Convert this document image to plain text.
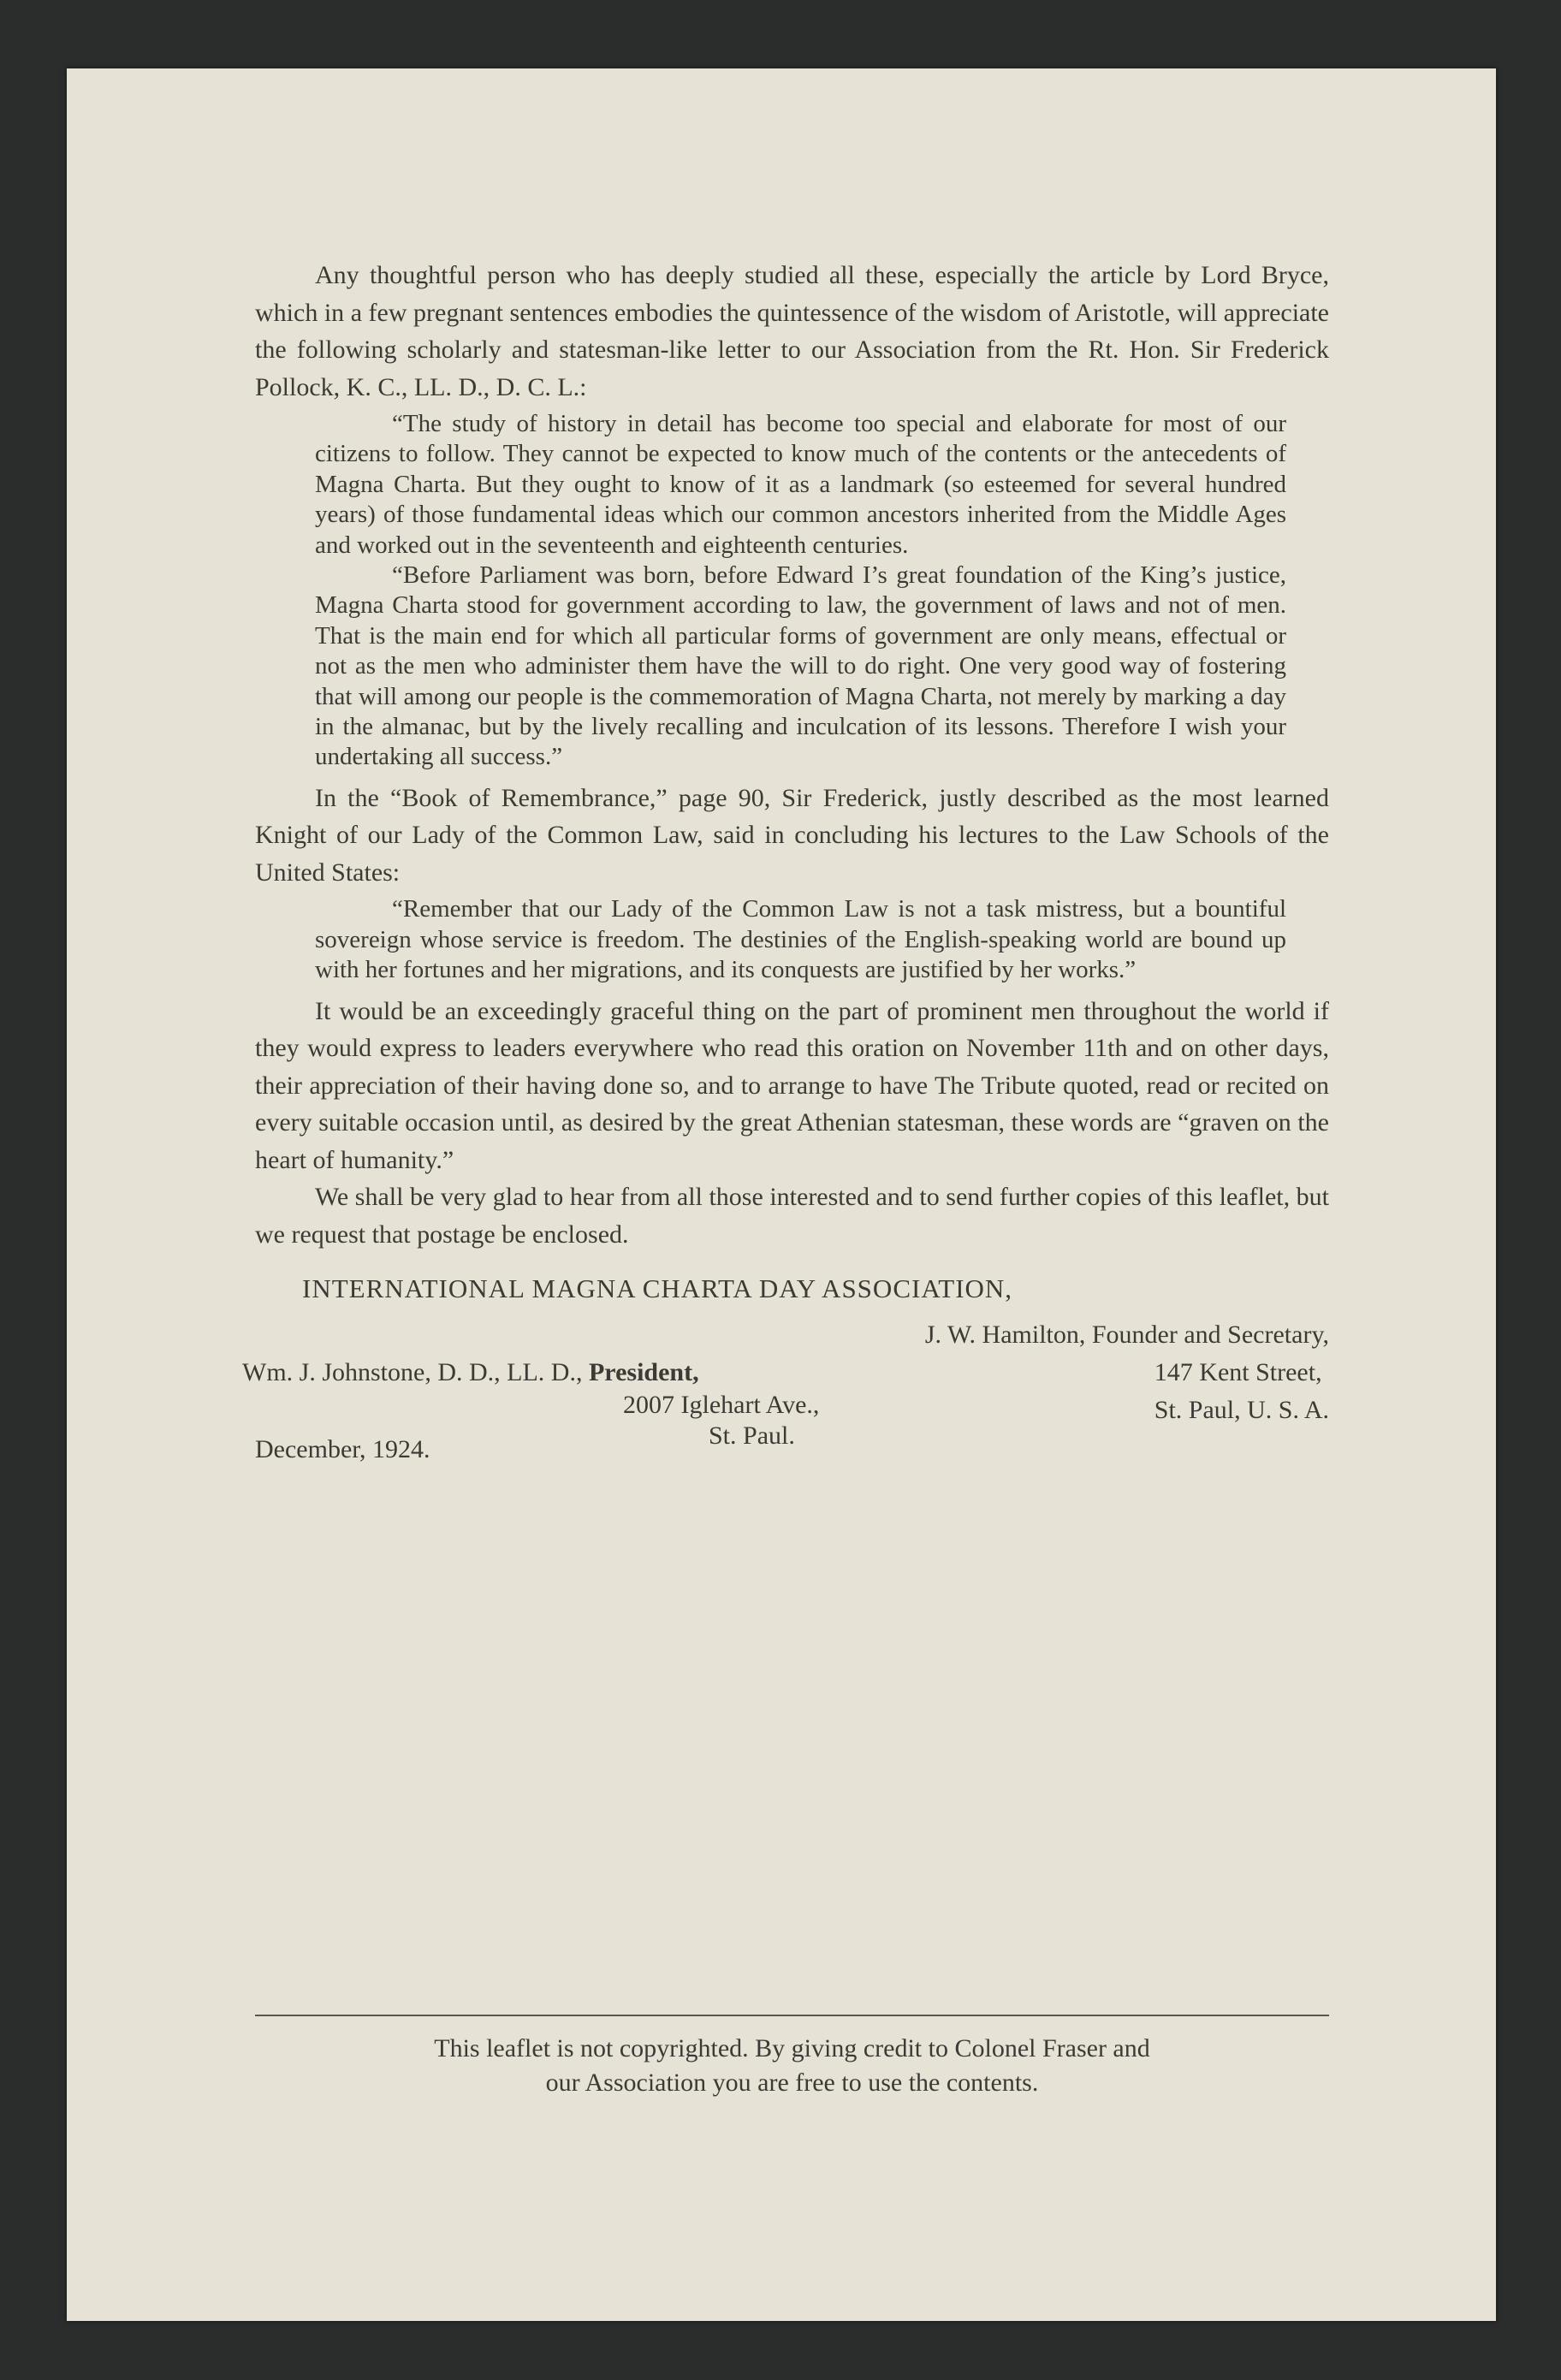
Any thoughtful person who has deeply studied all these, especially the article by Lord Bryce, which in a few pregnant sentences embodies the quintessence of the wisdom of Aristotle, will appreciate the following scholarly and statesman-like letter to our Association from the Rt. Hon. Sir Frederick Pollock, K. C., LL. D., D. C. L.:

“The study of history in detail has become too special and elaborate for most of our citizens to follow. They cannot be expected to know much of the contents or the antecedents of Magna Charta. But they ought to know of it as a landmark (so esteemed for several hundred years) of those fundamental ideas which our common ancestors inherited from the Middle Ages and worked out in the seventeenth and eighteenth centuries.

“Before Parliament was born, before Edward I’s great foundation of the King’s justice, Magna Charta stood for government according to law, the government of laws and not of men. That is the main end for which all particular forms of government are only means, effectual or not as the men who administer them have the will to do right. One very good way of fostering that will among our people is the commemoration of Magna Charta, not merely by marking a day in the almanac, but by the lively recalling and inculcation of its lessons. Therefore I wish your undertaking all success.”

In the “Book of Remembrance,” page 90, Sir Frederick, justly described as the most learned Knight of our Lady of the Common Law, said in concluding his lectures to the Law Schools of the United States:

“Remember that our Lady of the Common Law is not a task mistress, but a bountiful sovereign whose service is freedom. The destinies of the English-speaking world are bound up with her fortunes and her migrations, and its conquests are justified by her works.”

It would be an exceedingly graceful thing on the part of prominent men throughout the world if they would express to leaders everywhere who read this oration on November 11th and on other days, their appreciation of their having done so, and to arrange to have The Tribute quoted, read or recited on every suitable occasion until, as desired by the great Athenian statesman, these words are “graven on the heart of humanity.”

We shall be very glad to hear from all those interested and to send further copies of this leaflet, but we request that postage be enclosed.

INTERNATIONAL MAGNA CHARTA DAY ASSOCIATION,
J. W. Hamilton, Founder and Secretary,
Wm. J. Johnstone, D. D., LL. D., President,
2007 Iglehart Ave.,
St. Paul.
147 Kent Street,
St. Paul, U. S. A.
December, 1924.
This leaflet is not copyrighted. By giving credit to Colonel Fraser and
our Association you are free to use the contents.
